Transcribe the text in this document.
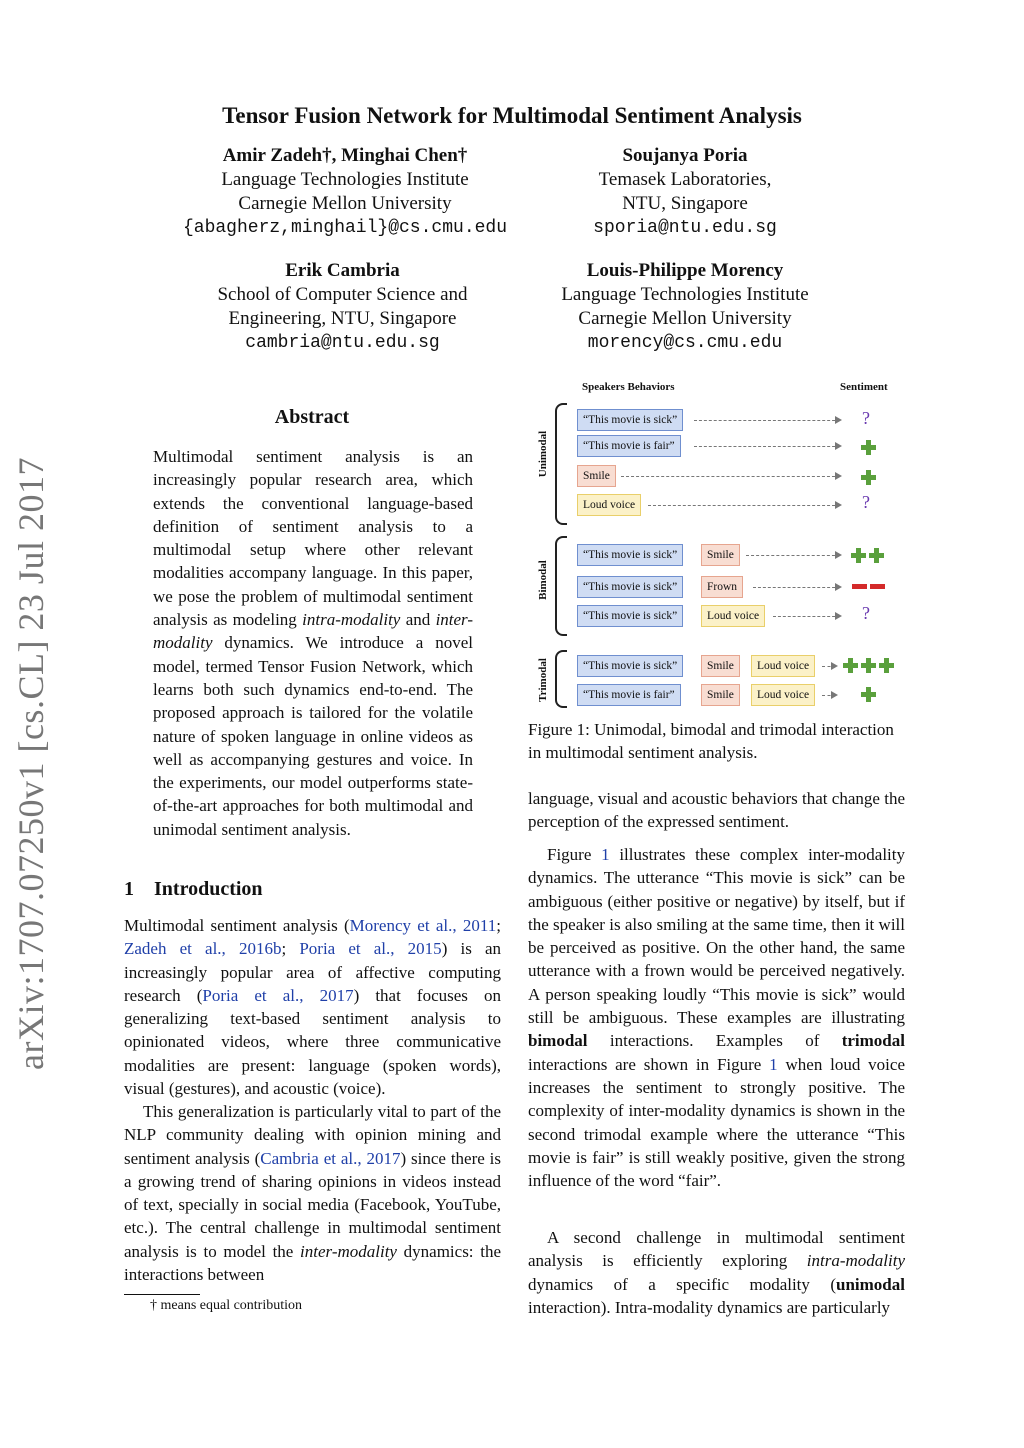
arXiv:1707.07250v1 [cs.CL] 23 Jul 2017
Tensor Fusion Network for Multimodal Sentiment Analysis
Amir Zadeh†, Minghai Chen†
Language Technologies Institute
Carnegie Mellon University
{abagherz,minghail}@cs.cmu.edu
Soujanya Poria
Temasek Laboratories,
NTU, Singapore
sporia@ntu.edu.sg
Erik Cambria
School of Computer Science and
Engineering, NTU, Singapore
cambria@ntu.edu.sg
Louis-Philippe Morency
Language Technologies Institute
Carnegie Mellon University
morency@cs.cmu.edu
Abstract

Multimodal sentiment analysis is an increasingly popular research area, which extends the conventional language-based definition of sentiment analysis to a multimodal setup where other relevant modalities accompany language. In this paper, we pose the problem of multimodal sentiment analysis as modeling intra-modality and inter-modality dynamics. We introduce a novel model, termed Tensor Fusion Network, which learns both such dynamics end-to-end. The proposed approach is tailored for the volatile nature of spoken language in online videos as well as accompanying gestures and voice. In the experiments, our model outperforms state-of-the-art approaches for both multimodal and unimodal sentiment analysis.

1 Introduction

Multimodal sentiment analysis (Morency et al., 2011; Zadeh et al., 2016b; Poria et al., 2015) is an increasingly popular area of affective computing research (Poria et al., 2017) that focuses on generalizing text-based sentiment analysis to opinionated videos, where three communicative modalities are present: language (spoken words), visual (gestures), and acoustic (voice).

This generalization is particularly vital to part of the NLP community dealing with opinion mining and sentiment analysis (Cambria et al., 2017) since there is a growing trend of sharing opinions in videos instead of text, specially in social media (Facebook, YouTube, etc.). The central challenge in multimodal sentiment analysis is to model the inter-modality dynamics: the interactions between

† means equal contribution
Speakers Behaviors	Sentiment
Unimodal
“This movie is sick”	?
“This movie is fair”
Smile
Loud voice	?
Bimodal
“This movie is sick”	Smile
“This movie is sick”	Frown
“This movie is sick”	Loud voice	?
Trimodal	“This movie is sick”	Smile	Loud voice
“This movie is fair”	Smile	Loud voice
Figure 1: Unimodal, bimodal and trimodal interaction in multimodal sentiment analysis.

language, visual and acoustic behaviors that change the perception of the expressed sentiment.

Figure 1 illustrates these complex inter-modality dynamics. The utterance “This movie is sick” can be ambiguous (either positive or negative) by itself, but if the speaker is also smiling at the same time, then it will be perceived as positive. On the other hand, the same utterance with a frown would be perceived negatively. A person speaking loudly “This movie is sick” would still be ambiguous. These examples are illustrating bimodal interactions. Examples of trimodal interactions are shown in Figure 1 when loud voice increases the sentiment to strongly positive. The complexity of inter-modality dynamics is shown in the second trimodal example where the utterance “This movie is fair” is still weakly positive, given the strong influence of the word “fair”.

A second challenge in multimodal sentiment analysis is efficiently exploring intra-modality dynamics of a specific modality (unimodal interaction). Intra-modality dynamics are particularly
